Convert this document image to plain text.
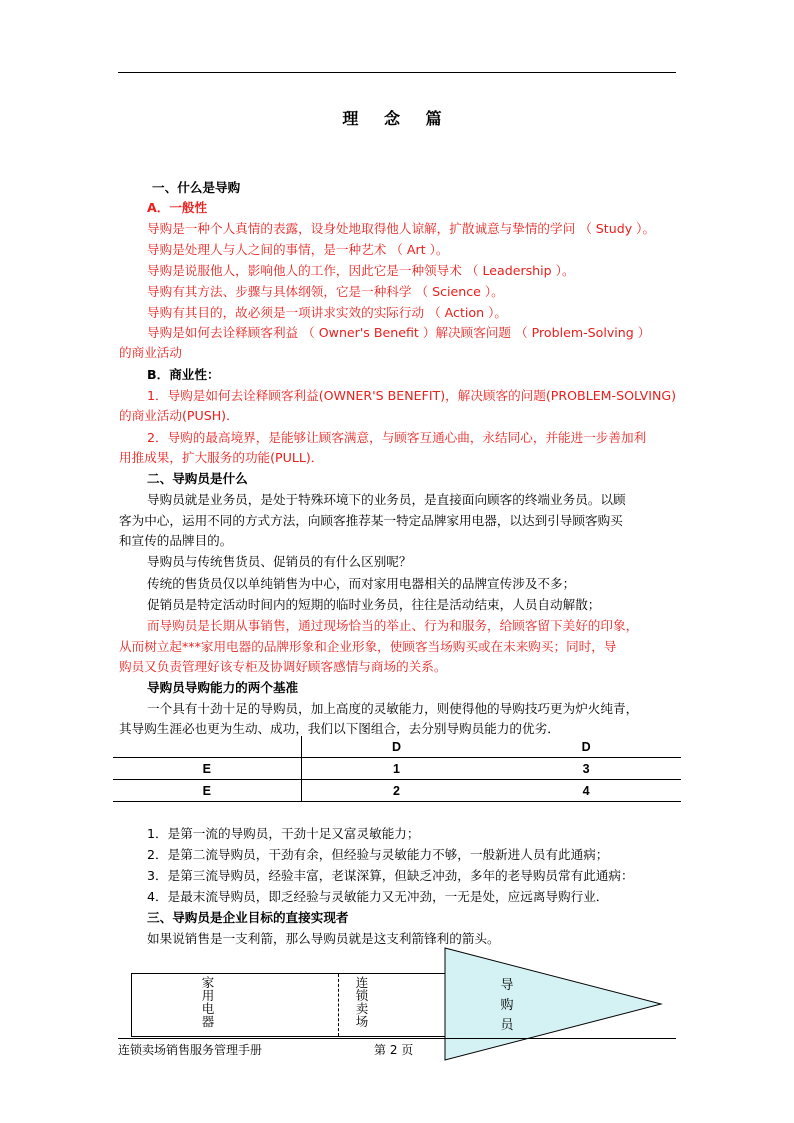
理 念 篇
一、什么是导购
A．一般性
导购是一种个人真情的表露，设身处地取得他人谅解，扩散诚意与挚情的学问 （ Study ）。
导购是处理人与人之间的事情，是一种艺术 （ Art ）。
导购是说服他人，影响他人的工作，因此它是一种领导术 （ Leadership ）。
导购有其方法、步骤与具体纲领，它是一种科学 （ Science ）。
导购有其目的，故必须是一项讲求实效的实际行动 （ Action ）。
导购是如何去诠释顾客利益 （ Owner's Benefit ）解决顾客问题 （ Problem-Solving ）
的商业活动
B．商业性：
1．导购是如何去诠释顾客利益(OWNER'S BENEFIT)，解决顾客的问题(PROBLEM-SOLVING)
的商业活动(PUSH)．
2．导购的最高境界，是能够让顾客满意，与顾客互通心曲，永结同心，并能进一步善加利
用推成果，扩大服务的功能(PULL)．
二、导购员是什么
导购员就是业务员，是处于特殊环境下的业务员，是直接面向顾客的终端业务员。以顾
客为中心，运用不同的方式方法，向顾客推荐某一特定品牌家用电器，以达到引导顾客购买
和宣传的品牌目的。
导购员与传统售货员、促销员的有什么区别呢？
传统的售货员仅以单纯销售为中心，而对家用电器相关的品牌宣传涉及不多；
促销员是特定活动时间内的短期的临时业务员，往往是活动结束，人员自动解散；
而导购员是长期从事销售，通过现场恰当的举止、行为和服务，给顾客留下美好的印象，
从而树立起***家用电器的品牌形象和企业形象，使顾客当场购买或在未来购买；同时，导
购员又负责管理好该专柜及协调好顾客感情与商场的关系。
导购员导购能力的两个基准
一个具有十劲十足的导购员，加上高度的灵敏能力，则使得他的导购技巧更为炉火纯青，
其导购生涯必也更为生动、成功，我们以下图组合，去分别导购员能力的优劣．
	D	D
E	1	3
E	2	4
1．是第一流的导购员，干劲十足又富灵敏能力；
2．是第二流导购员，干劲有余，但经验与灵敏能力不够，一般新进人员有此通病；
3．是第三流导购员，经验丰富，老谋深算，但缺乏冲劲，多年的老导购员常有此通病：
4．是最末流导购员，即乏经验与灵敏能力又无冲劲，一无是处，应远离导购行业．
三、导购员是企业目标的直接实现者
如果说销售是一支利箭，那么导购员就是这支利箭锋利的箭头。
家用电器
连锁卖场
导购员
连锁卖场销售服务管理手册	第 2 页
